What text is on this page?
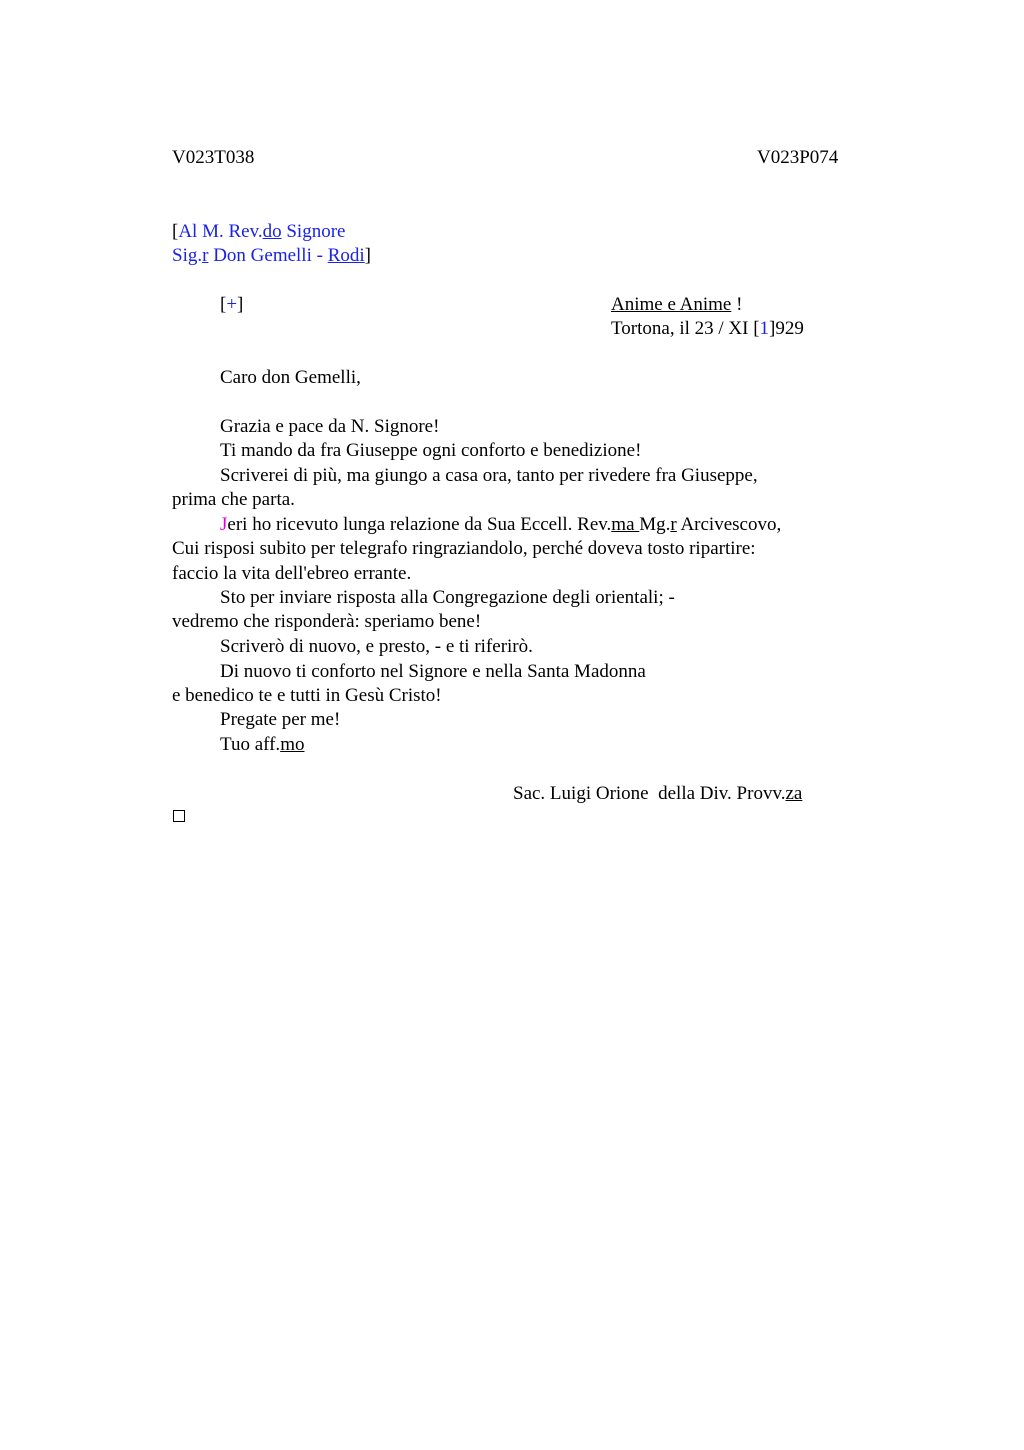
V023T038	V023P074
[Al M. Rev.do Signore
Sig.r Don Gemelli - Rodi]
[+]	Anime e Anime !
Tortona, il 23 / XI [1]929
Caro don Gemelli,
Grazia e pace da N. Signore!
Ti mando da fra Giuseppe ogni conforto e benedizione!
Scriverei di più, ma giungo a casa ora, tanto per rivedere fra Giuseppe,
prima che parta.
Jeri ho ricevuto lunga relazione da Sua Eccell. Rev.ma Mg.r Arcivescovo,
Cui risposi subito per telegrafo ringraziandolo, perché doveva tosto ripartire:
faccio la vita dell'ebreo errante.
Sto per inviare risposta alla Congregazione degli orientali; -
vedremo che risponderà: speriamo bene!
Scriverò di nuovo, e presto, - e ti riferirò.
Di nuovo ti conforto nel Signore e nella Santa Madonna
e benedico te e tutti in Gesù Cristo!
Pregate per me!
Tuo aff.mo
Sac. Luigi Orione  della Div. Provv.za
